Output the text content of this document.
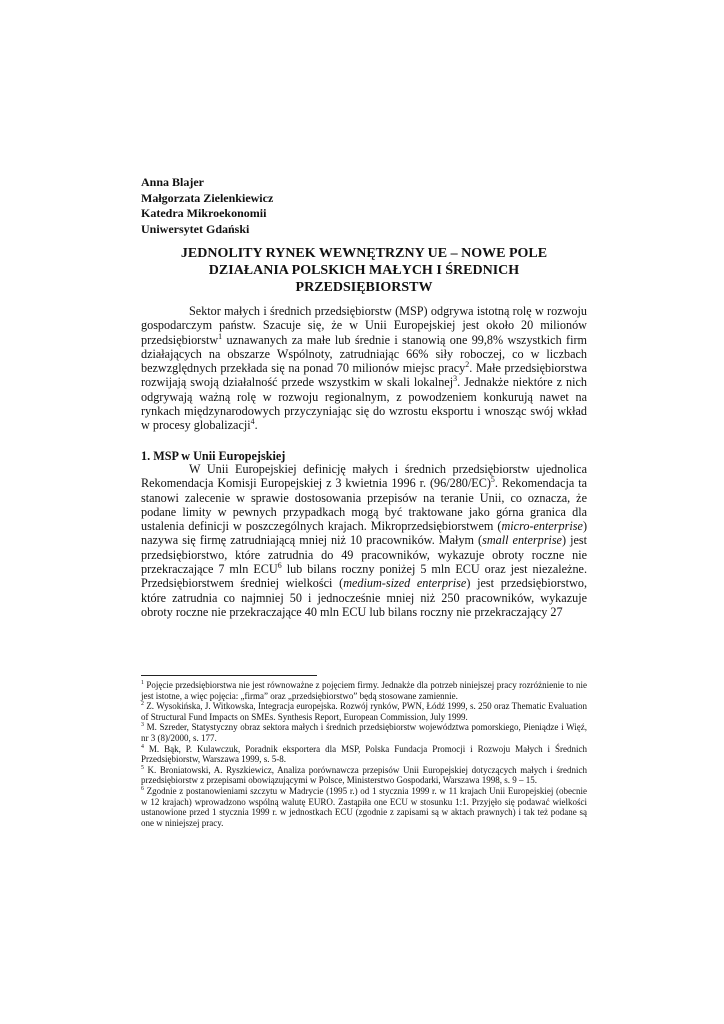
Anna Blajer
Małgorzata Zielenkiewicz
Katedra Mikroekonomii
Uniwersytet Gdański
JEDNOLITY RYNEK WEWNĘTRZNY UE – NOWE POLE
DZIAŁANIA POLSKICH MAŁYCH I ŚREDNICH
PRZEDSIĘBIORSTW

Sektor małych i średnich przedsiębiorstw (MSP) odgrywa istotną rolę w rozwoju gospodarczym państw. Szacuje się, że w Unii Europejskiej jest około 20 milionów przedsiębiorstw$^1$ uznawanych za małe lub średnie i stanowią one 99,8% wszystkich firm działających na obszarze Wspólnoty, zatrudniając 66% siły roboczej, co w liczbach bezwzględnych przekłada się na ponad 70 milionów miejsc pracy$^2$. Małe przedsiębiorstwa rozwijają swoją działalność przede wszystkim w skali lokalnej$^3$. Jednakże niektóre z nich odgrywają ważną rolę w rozwoju regionalnym, z powodzeniem konkurują nawet na rynkach międzynarodowych przyczyniając się do wzrostu eksportu i wnosząc swój wkład w procesy globalizacji$^4$.

1. MSP w Unii Europejskiej

W Unii Europejskiej definicję małych i średnich przedsiębiorstw ujednolica Rekomendacja Komisji Europejskiej z 3 kwietnia 1996 r. $(96/280/EC)^5$. Rekomendacja ta stanowi zalecenie w sprawie dostosowania przepisów na teranie Unii, co oznacza, że podane limity w pewnych przypadkach mogą być traktowane jako górna granica dla ustalenia definicji w poszczególnych krajach. Mikroprzedsiębiorstwem (micro-enterprise) nazywa się firmę zatrudniającą mniej niż 10 pracowników. Małym (small enterprise) jest przedsiębiorstwo, które zatrudnia do 49 pracowników, wykazuje obroty roczne nie przekraczające 7 mln ECU$^6$ lub bilans roczny poniżej 5 mln ECU oraz jest niezależne. Przedsiębiorstwem średniej wielkości (medium-sized enterprise) jest przedsiębiorstwo, które zatrudnia co najmniej 50 i jednocześnie mniej niż 250 pracowników, wykazuje obroty roczne nie przekraczające 40 mln ECU lub bilans roczny nie przekraczający 27

$^1$ Pojęcie przedsiębiorstwa nie jest równoważne z pojęciem firmy. Jednakże dla potrzeb niniejszej pracy rozróżnienie to nie jest istotne, a więc pojęcia: „firma” oraz „przedsiębiorstwo” będą stosowane zamiennie.

$^2$ Z. Wysokińska, J. Witkowska, Integracja europejska. Rozwój rynków, PWN, Łódź 1999, s. 250 oraz Thematic Evaluation of Structural Fund Impacts on SMEs. Synthesis Report, European Commission, July 1999.

$^3$ M. Szreder, Statystyczny obraz sektora małych i średnich przedsiębiorstw województwa pomorskiego, Pieniądze i Więź, nr 3 (8)/2000, s. 177.

$^4$ M. Bąk, P. Kulawczuk, Poradnik eksportera dla MSP, Polska Fundacja Promocji i Rozwoju Małych i Średnich Przedsiębiorstw, Warszawa 1999, s. 5-8.

$^5$ K. Broniatowski, A. Ryszkiewicz, Analiza porównawcza przepisów Unii Europejskiej dotyczących małych i średnich przedsiębiorstw z przepisami obowiązującymi w Polsce, Ministerstwo Gospodarki, Warszawa 1998, s. 9 – 15.

$^6$ Zgodnie z postanowieniami szczytu w Madrycie (1995 r.) od 1 stycznia 1999 r. w 11 krajach Unii Europejskiej (obecnie w 12 krajach) wprowadzono wspólną walutę EURO. Zastąpiła one ECU w stosunku 1:1. Przyjęło się podawać wielkości ustanowione przed 1 stycznia 1999 r. w jednostkach ECU (zgodnie z zapisami są w aktach prawnych) i tak też podane są one w niniejszej pracy.
